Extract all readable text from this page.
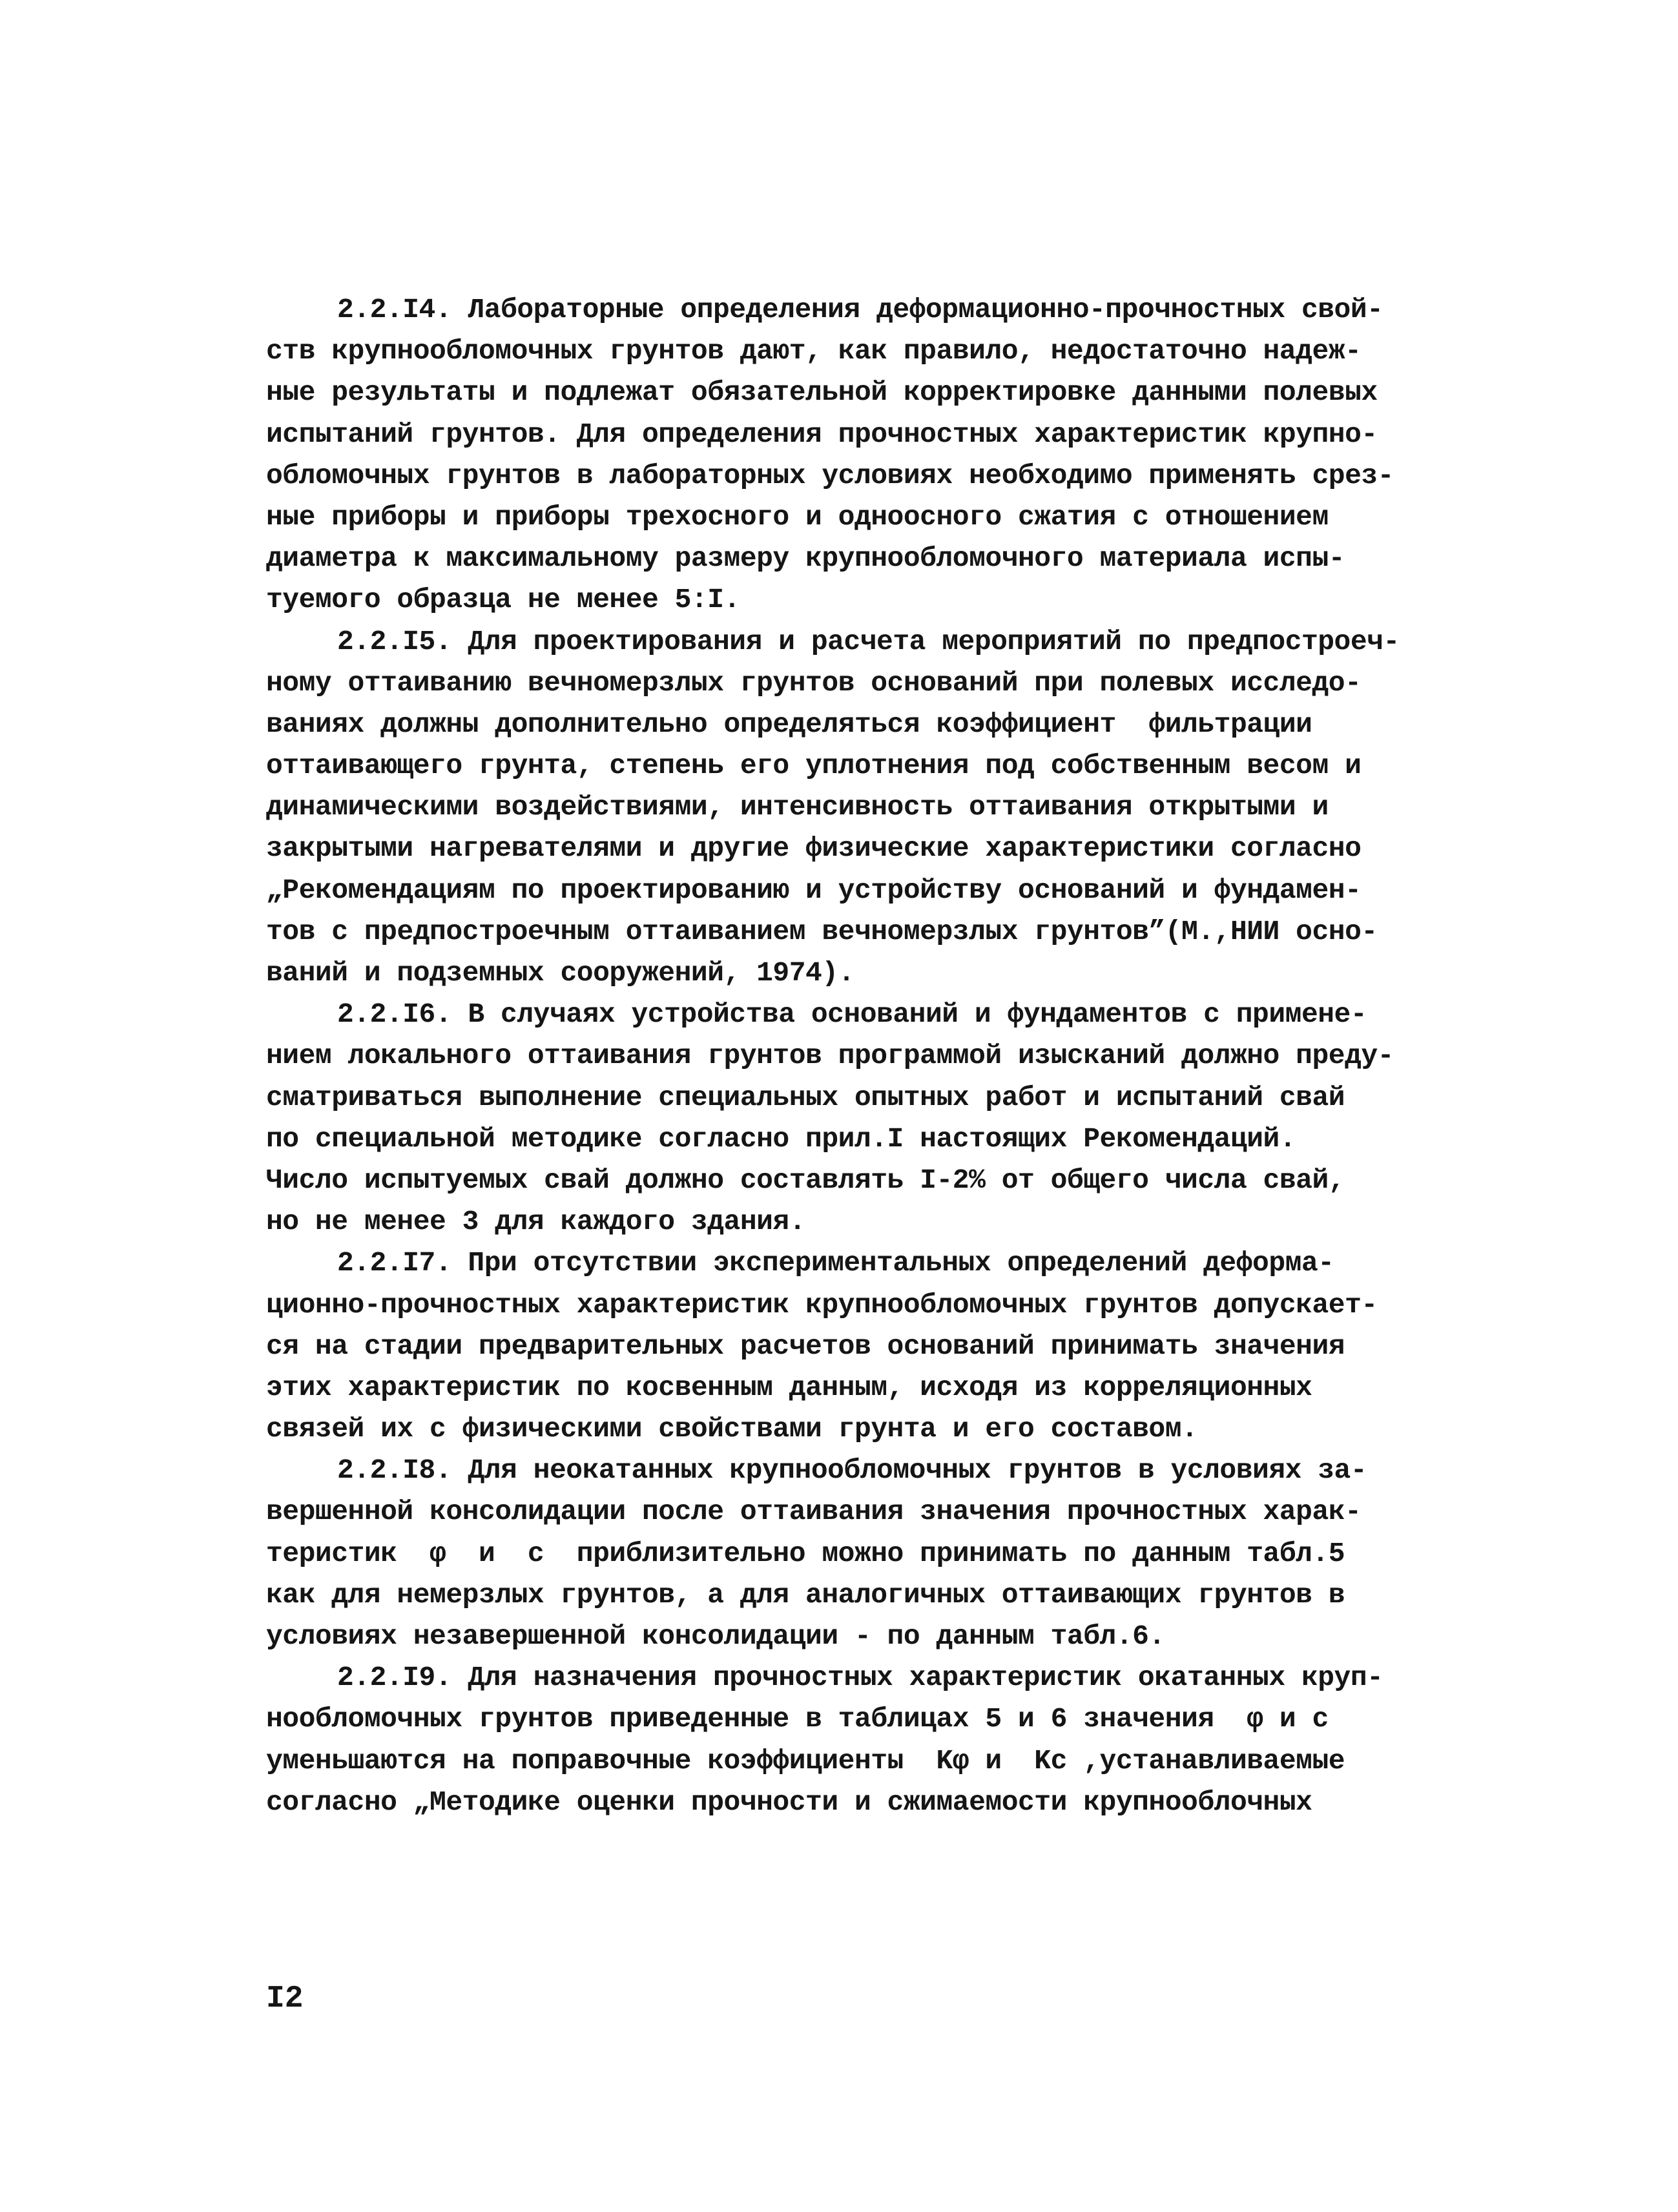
2.2.I4. Лабораторные определения деформационно-прочностных свой-
ств крупнообломочных грунтов дают, как правило, недостаточно надеж-
ные результаты и подлежат обязательной корректировке данными полевых
испытаний грунтов. Для определения прочностных характеристик крупно-
обломочных грунтов в лабораторных условиях необходимо применять срез-
ные приборы и приборы трехосного и одноосного сжатия с отношением
диаметра к максимальному размеру крупнообломочного материала испы-
туемого образца не менее 5:I.
2.2.I5. Для проектирования и расчета мероприятий по предпостроеч-
ному оттаиванию вечномерзлых грунтов оснований при полевых исследо-
ваниях должны дополнительно определяться коэффициент  фильтрации
оттаивающего грунта, степень его уплотнения под собственным весом и
динамическими воздействиями, интенсивность оттаивания открытыми и
закрытыми нагревателями и другие физические характеристики согласно
„Рекомендациям по проектированию и устройству оснований и фундамен-
тов с предпостроечным оттаиванием вечномерзлых грунтов”(М.,НИИ осно-
ваний и подземных сооружений, 1974).
2.2.I6. В случаях устройства оснований и фундаментов с примене-
нием локального оттаивания грунтов программой изысканий должно преду-
сматриваться выполнение специальных опытных работ и испытаний свай
по специальной методике согласно прил.I настоящих Рекомендаций.
Число испытуемых свай должно составлять I-2% от общего числа свай,
но не менее 3 для каждого здания.
2.2.I7. При отсутствии экспериментальных определений деформа-
ционно-прочностных характеристик крупнообломочных грунтов допускает-
ся на стадии предварительных расчетов оснований принимать значения
этих характеристик по косвенным данным, исходя из корреляционных
связей их с физическими свойствами грунта и его составом.
2.2.I8. Для неокатанных крупнообломочных грунтов в условиях за-
вершенной консолидации после оттаивания значения прочностных харак-
теристик  φ  и  c  приблизительно можно принимать по данным табл.5
как для немерзлых грунтов, а для аналогичных оттаивающих грунтов в
условиях незавершенной консолидации - по данным табл.6.
2.2.I9. Для назначения прочностных характеристик окатанных круп-
нообломочных грунтов приведенные в таблицах 5 и 6 значения  φ и c
уменьшаются на поправочные коэффициенты  Kφ и  Kc ,устанавливаемые
согласно „Методике оценки прочности и сжимаемости крупнооблочных
I2
